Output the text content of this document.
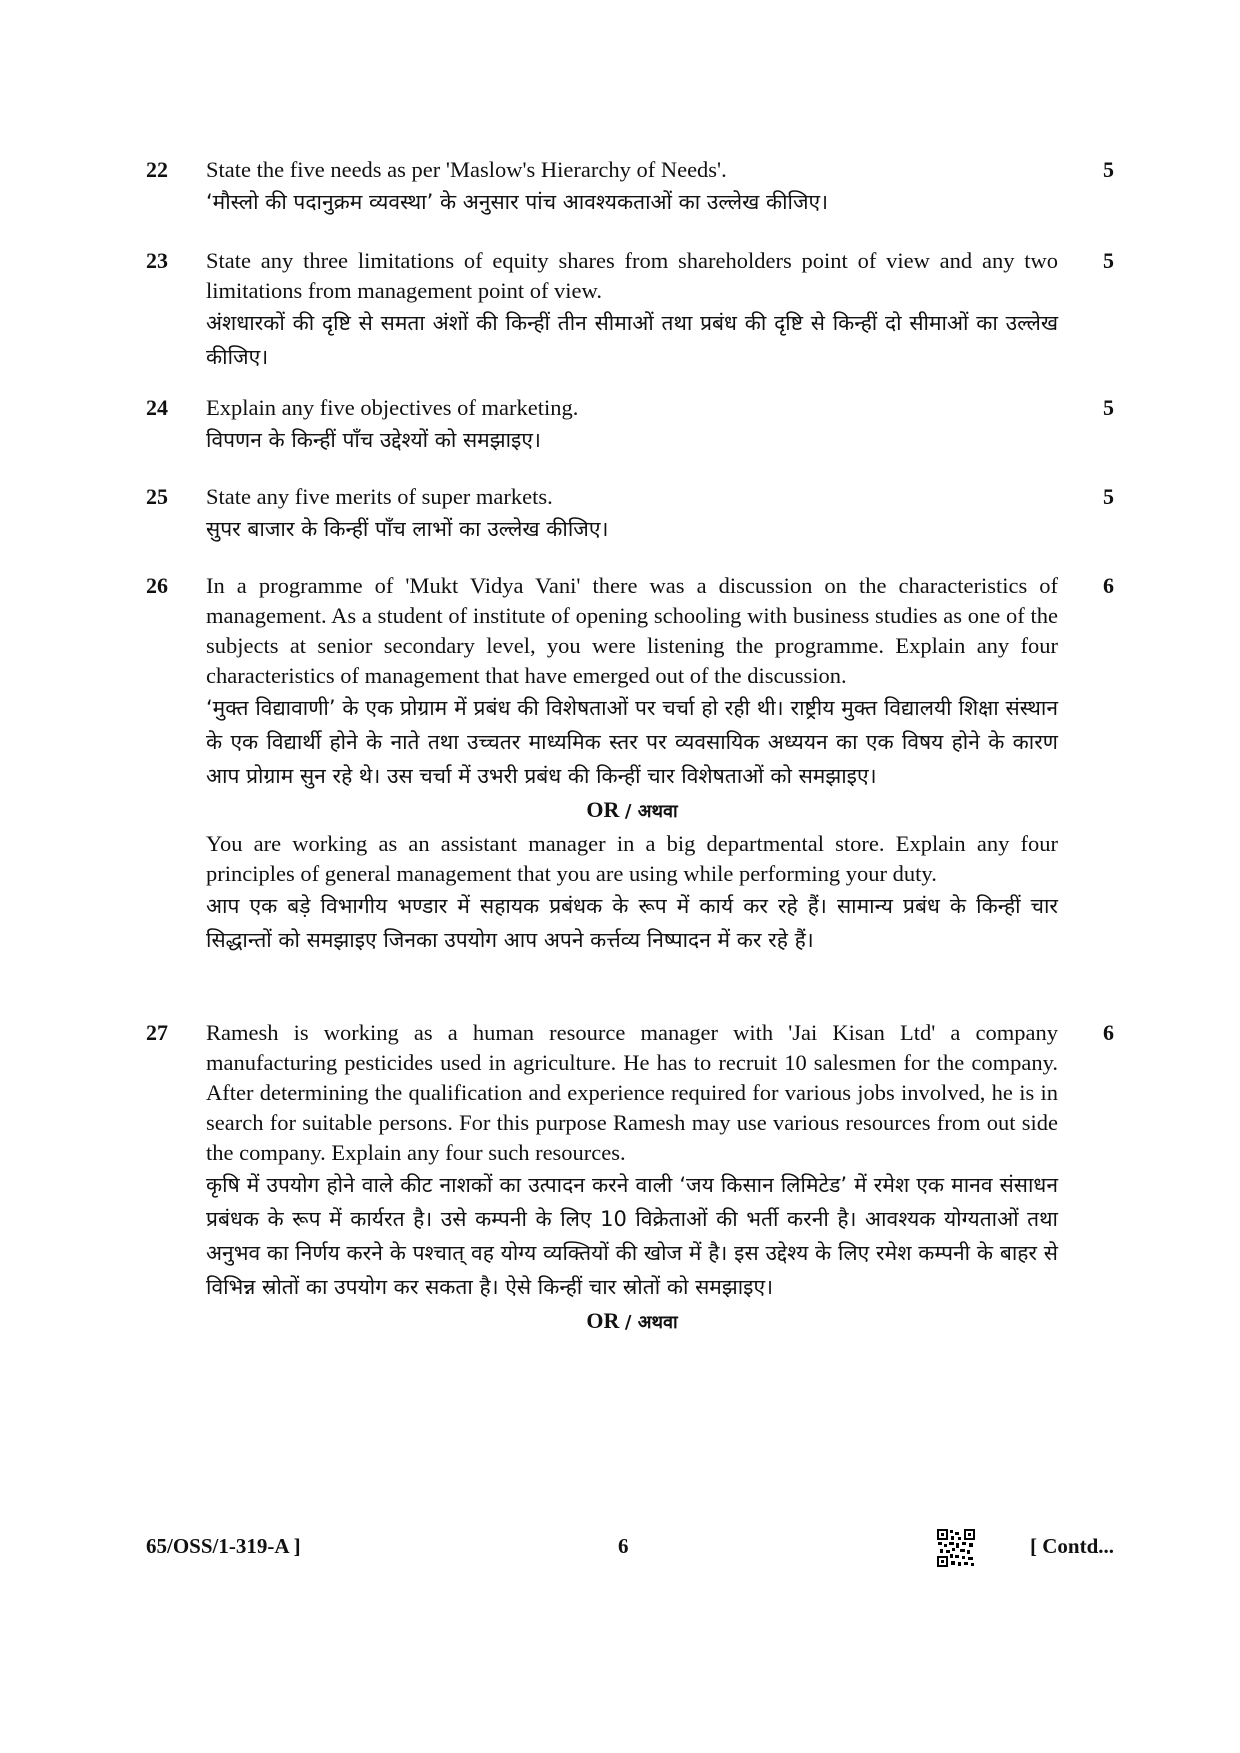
22	5
State the five needs as per 'Maslow's Hierarchy of Needs'.
‘मौस्लो की पदानुक्रम व्यवस्था’ के अनुसार पांच आवश्यकताओं का उल्लेख कीजिए।
23	5
State any three limitations of equity shares from shareholders point of view and any two limitations from management point of view.
अंशधारकों की दृष्टि से समता अंशों की किन्हीं तीन सीमाओं तथा प्रबंध की दृष्टि से किन्हीं दो सीमाओं का उल्लेख कीजिए।
24	5
Explain any five objectives of marketing.
विपणन के किन्हीं पाँच उद्देश्यों को समझाइए।
25	5
State any five merits of super markets.
सुपर बाजार के किन्हीं पाँच लाभों का उल्लेख कीजिए।
26	6
In a programme of 'Mukt Vidya Vani' there was a discussion on the characteristics of management. As a student of institute of opening schooling with business studies as one of the subjects at senior secondary level, you were listening the programme. Explain any four characteristics of management that have emerged out of the discussion.
‘मुक्त विद्यावाणी’ के एक प्रोग्राम में प्रबंध की विशेषताओं पर चर्चा हो रही थी। राष्ट्रीय मुक्त विद्यालयी शिक्षा संस्थान के एक विद्यार्थी होने के नाते तथा उच्चतर माध्यमिक स्तर पर व्यवसायिक अध्ययन का एक विषय होने के कारण आप प्रोग्राम सुन रहे थे। उस चर्चा में उभरी प्रबंध की किन्हीं चार विशेषताओं को समझाइए।
OR / अथवा
You are working as an assistant manager in a big departmental store. Explain any four principles of general management that you are using while performing your duty.
आप एक बड़े विभागीय भण्डार में सहायक प्रबंधक के रूप में कार्य कर रहे हैं। सामान्य प्रबंध के किन्हीं चार सिद्धान्तों को समझाइए जिनका उपयोग आप अपने कर्त्तव्य निष्पादन में कर रहे हैं।
27	6
Ramesh is working as a human resource manager with 'Jai Kisan Ltd' a company manufacturing pesticides used in agriculture. He has to recruit 10 salesmen for the company. After determining the qualification and experience required for various jobs involved, he is in search for suitable persons. For this purpose Ramesh may use various resources from out side the company. Explain any four such resources.
कृषि में उपयोग होने वाले कीट नाशकों का उत्पादन करने वाली ‘जय किसान लिमिटेड’ में रमेश एक मानव संसाधन प्रबंधक के रूप में कार्यरत है। उसे कम्पनी के लिए 10 विक्रेताओं की भर्ती करनी है। आवश्यक योग्यताओं तथा अनुभव का निर्णय करने के पश्चात् वह योग्य व्यक्तियों की खोज में है। इस उद्देश्य के लिए रमेश कम्पनी के बाहर से विभिन्न स्रोतों का उपयोग कर सकता है। ऐसे किन्हीं चार स्रोतों को समझाइए।
OR / अथवा
65/OSS/1-319-A ]	6	[ Contd...
